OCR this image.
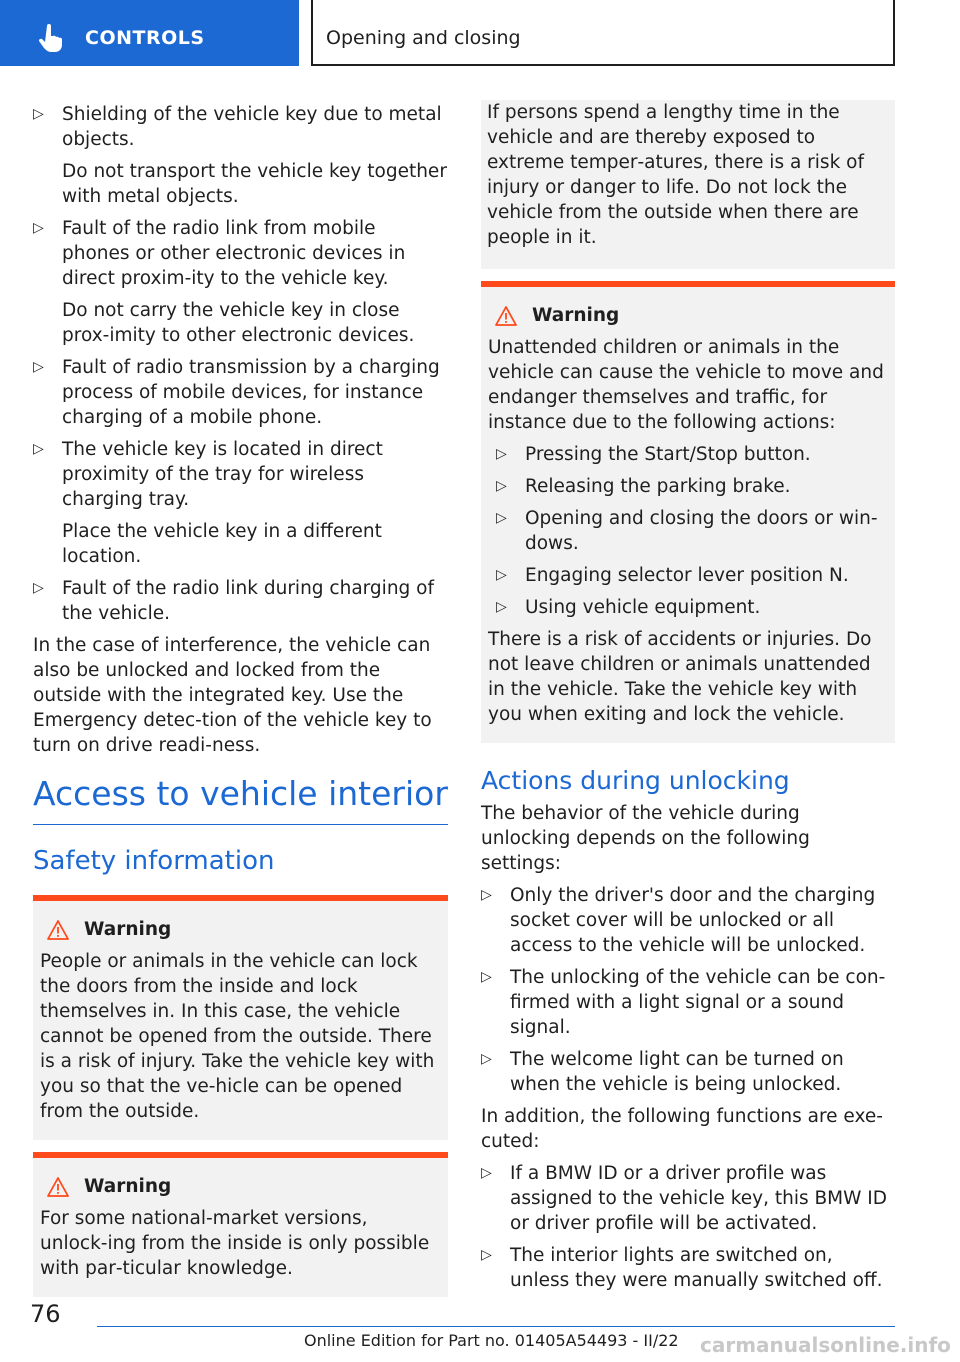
CONTROLS	Opening and closing
▷ Shielding of the vehicle key due to metal objects.
Do not transport the vehicle key together with metal objects.
▷ Fault of the radio link from mobile phones or other electronic devices in direct proxim‐ity to the vehicle key.
Do not carry the vehicle key in close prox‐imity to other electronic devices.
▷ Fault of radio transmission by a charging process of mobile devices, for instance charging of a mobile phone.
▷ The vehicle key is located in direct proximity of the tray for wireless charging tray.
Place the vehicle key in a different location.
▷ Fault of the radio link during charging of the vehicle.

In the case of interference, the vehicle can also be unlocked and locked from the outside with the integrated key. Use the Emergency detec‐tion of the vehicle key to turn on drive readi‐ness.

Access to vehicle interior
Safety information
Warning

People or animals in the vehicle can lock the doors from the inside and lock themselves in. In this case, the vehicle cannot be opened from the outside. There is a risk of injury. Take the vehicle key with you so that the ve‐hicle can be opened from the outside.

Warning

For some national-market versions, unlock‐ing from the inside is only possible with par‐ticular knowledge.

If persons spend a lengthy time in the vehicle and are thereby exposed to extreme temper‐atures, there is a risk of injury or danger to life. Do not lock the vehicle from the outside when there are people in it.

Warning

Unattended children or animals in the vehicle can cause the vehicle to move and endanger themselves and traffic, for instance due to the following actions:

▷ Pressing the Start/Stop button.
▷ Releasing the parking brake.
▷ Opening and closing the doors or win‐dows.
▷ Engaging selector lever position N.
▷ Using vehicle equipment.

There is a risk of accidents or injuries. Do not leave children or animals unattended in the vehicle. Take the vehicle key with you when exiting and lock the vehicle.

Actions during unlocking

The behavior of the vehicle during unlocking depends on the following settings:

▷ Only the driver's door and the charging socket cover will be unlocked or all access to the vehicle will be unlocked.
▷ The unlocking of the vehicle can be con‐firmed with a light signal or a sound signal.
▷ The welcome light can be turned on when the vehicle is being unlocked.

In addition, the following functions are exe‐cuted:

▷ If a BMW ID or a driver profile was assigned to the vehicle key, this BMW ID or driver profile will be activated.
▷ The interior lights are switched on, unless they were manually switched off.
76
Online Edition for Part no. 01405A54493 - II/22 carmanualsonline.info
